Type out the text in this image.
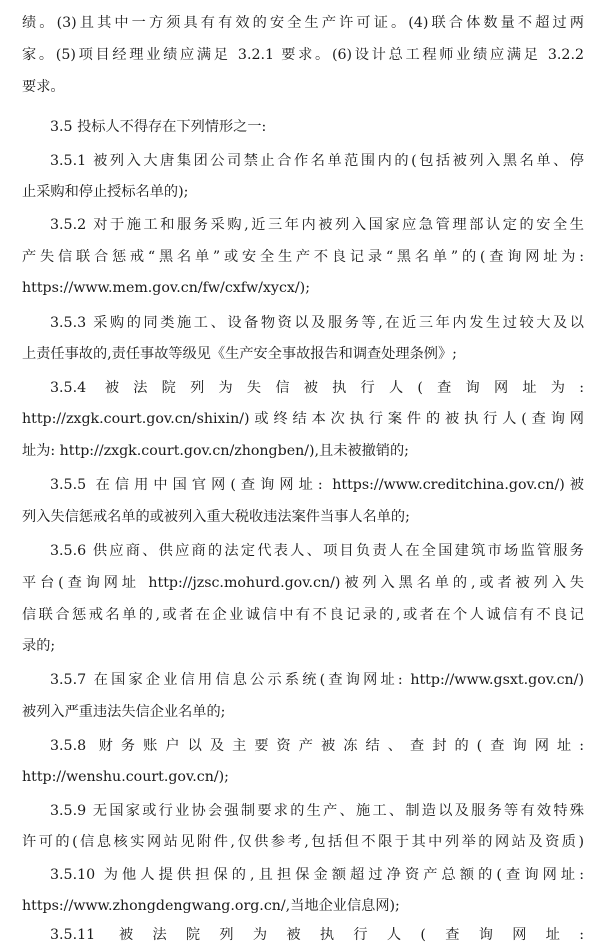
绩。(3)且其中一方须具有有效的安全生产许可证。(4)联合体数量不超过两
家。(5)项目经理业绩应满足 3.2.1 要求。(6)设计总工程师业绩应满足 3.2.2
要求。
3.5 投标人不得存在下列情形之一:
3.5.1 被列入大唐集团公司禁止合作名单范围内的(包括被列入黑名单、停
止采购和停止授标名单的);
3.5.2 对于施工和服务采购,近三年内被列入国家应急管理部认定的安全生
产失信联合惩戒“黑名单”或安全生产不良记录“黑名单”的(查询网址为:
https://www.mem.gov.cn/fw/cxfw/xycx/);
3.5.3 采购的同类施工、设备物资以及服务等,在近三年内发生过较大及以
上责任事故的,责任事故等级见《生产安全事故报告和调查处理条例》;
3.5.4 被法院列为失信被执行人(查询网址为:
http://zxgk.court.gov.cn/shixin/)或终结本次执行案件的被执行人(查询网
址为: http://zxgk.court.gov.cn/zhongben/),且未被撤销的;
3.5.5 在信用中国官网(查询网址: https://www.creditchina.gov.cn/)被
列入失信惩戒名单的或被列入重大税收违法案件当事人名单的;
3.5.6 供应商、供应商的法定代表人、项目负责人在全国建筑市场监管服务
平台(查询网址 http://jzsc.mohurd.gov.cn/)被列入黑名单的,或者被列入失
信联合惩戒名单的,或者在企业诚信中有不良记录的,或者在个人诚信有不良记
录的;
3.5.7 在国家企业信用信息公示系统(查询网址: http://www.gsxt.gov.cn/)
被列入严重违法失信企业名单的;
3.5.8 财务账户以及主要资产被冻结、查封的(查询网址:
http://wenshu.court.gov.cn/);
3.5.9 无国家或行业协会强制要求的生产、施工、制造以及服务等有效特殊
许可的(信息核实网站见附件,仅供参考,包括但不限于其中列举的网站及资质)
3.5.10 为他人提供担保的,且担保金额超过净资产总额的(查询网址:
https://www.zhongdengwang.org.cn/,当地企业信息网);
3.5.11 被法院列为被执行人(查询网址:
